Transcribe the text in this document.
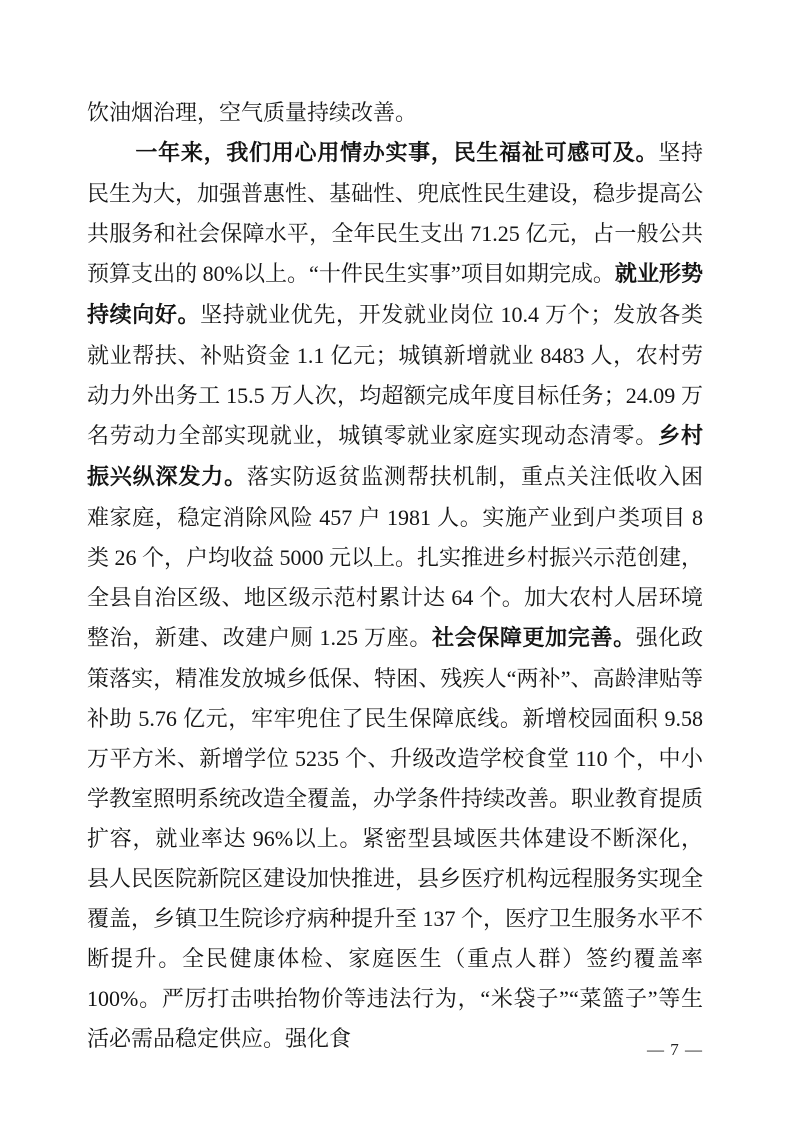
饮油烟治理，空气质量持续改善。

一年来，我们用心用情办实事，民生福祉可感可及。坚持民生为大，加强普惠性、基础性、兜底性民生建设，稳步提高公共服务和社会保障水平，全年民生支出 71.25 亿元，占一般公共预算支出的 80%以上。“十件民生实事”项目如期完成。就业形势持续向好。坚持就业优先，开发就业岗位 10.4 万个；发放各类就业帮扶、补贴资金 1.1 亿元；城镇新增就业 8483 人，农村劳动力外出务工 15.5 万人次，均超额完成年度目标任务；24.09 万名劳动力全部实现就业，城镇零就业家庭实现动态清零。乡村振兴纵深发力。落实防返贫监测帮扶机制，重点关注低收入困难家庭，稳定消除风险 457 户 1981 人。实施产业到户类项目 8 类 26 个，户均收益 5000 元以上。扎实推进乡村振兴示范创建，全县自治区级、地区级示范村累计达 64 个。加大农村人居环境整治，新建、改建户厕 1.25 万座。社会保障更加完善。强化政策落实，精准发放城乡低保、特困、残疾人“两补”、高龄津贴等补助 5.76 亿元，牢牢兜住了民生保障底线。新增校园面积 9.58 万平方米、新增学位 5235 个、升级改造学校食堂 110 个，中小学教室照明系统改造全覆盖，办学条件持续改善。职业教育提质扩容，就业率达 96%以上。紧密型县域医共体建设不断深化，县人民医院新院区建设加快推进，县乡医疗机构远程服务实现全覆盖，乡镇卫生院诊疗病种提升至 137 个，医疗卫生服务水平不断提升。全民健康体检、家庭医生（重点人群）签约覆盖率 100%。严厉打击哄抬物价等违法行为，“米袋子”“菜篮子”等生活必需品稳定供应。强化食	— 7 —
